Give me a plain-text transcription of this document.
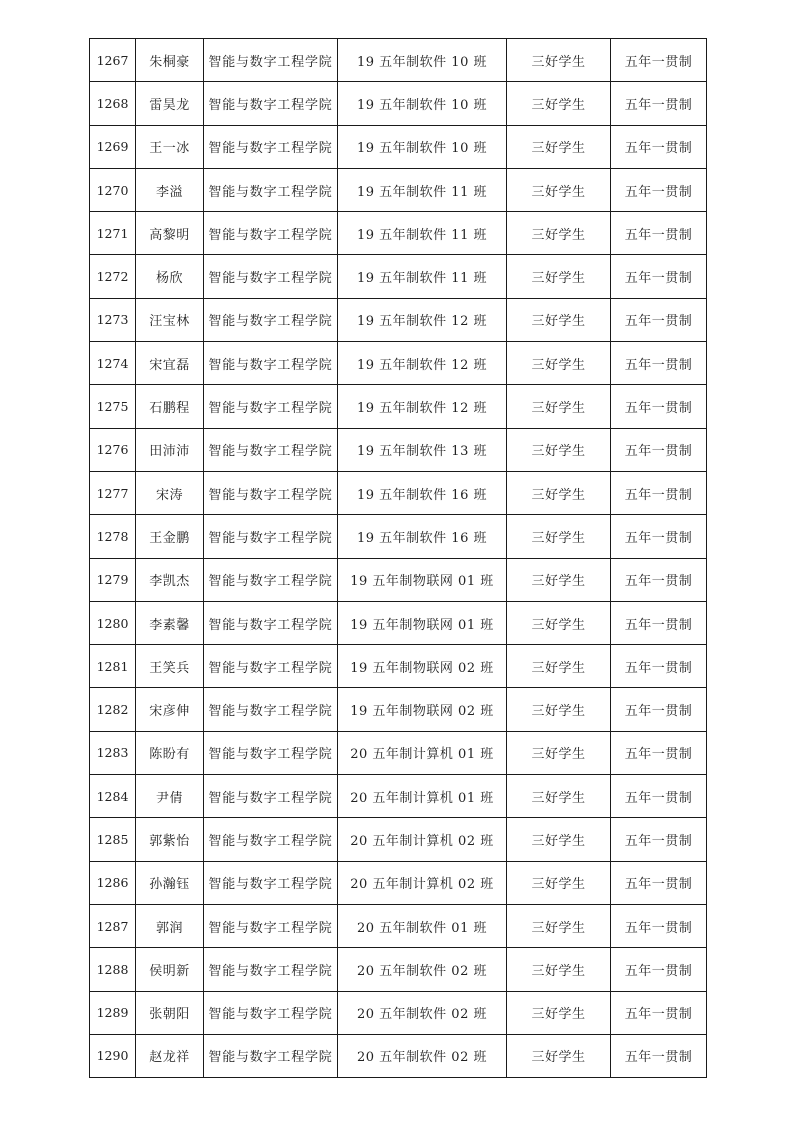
1267	朱桐豪	智能与数字工程学院	19 五年制软件 10 班	三好学生	五年一贯制
1268	雷昊龙	智能与数字工程学院	19 五年制软件 10 班	三好学生	五年一贯制
1269	王一冰	智能与数字工程学院	19 五年制软件 10 班	三好学生	五年一贯制
1270	李溢	智能与数字工程学院	19 五年制软件 11 班	三好学生	五年一贯制
1271	高黎明	智能与数字工程学院	19 五年制软件 11 班	三好学生	五年一贯制
1272	杨欣	智能与数字工程学院	19 五年制软件 11 班	三好学生	五年一贯制
1273	汪宝林	智能与数字工程学院	19 五年制软件 12 班	三好学生	五年一贯制
1274	宋宜磊	智能与数字工程学院	19 五年制软件 12 班	三好学生	五年一贯制
1275	石鹏程	智能与数字工程学院	19 五年制软件 12 班	三好学生	五年一贯制
1276	田沛沛	智能与数字工程学院	19 五年制软件 13 班	三好学生	五年一贯制
1277	宋涛	智能与数字工程学院	19 五年制软件 16 班	三好学生	五年一贯制
1278	王金鹏	智能与数字工程学院	19 五年制软件 16 班	三好学生	五年一贯制
1279	李凯杰	智能与数字工程学院	19 五年制物联网 01 班	三好学生	五年一贯制
1280	李素馨	智能与数字工程学院	19 五年制物联网 01 班	三好学生	五年一贯制
1281	王笑兵	智能与数字工程学院	19 五年制物联网 02 班	三好学生	五年一贯制
1282	宋彦伸	智能与数字工程学院	19 五年制物联网 02 班	三好学生	五年一贯制
1283	陈盼有	智能与数字工程学院	20 五年制计算机 01 班	三好学生	五年一贯制
1284	尹倩	智能与数字工程学院	20 五年制计算机 01 班	三好学生	五年一贯制
1285	郭紫怡	智能与数字工程学院	20 五年制计算机 02 班	三好学生	五年一贯制
1286	孙瀚钰	智能与数字工程学院	20 五年制计算机 02 班	三好学生	五年一贯制
1287	郭润	智能与数字工程学院	20 五年制软件 01 班	三好学生	五年一贯制
1288	侯明新	智能与数字工程学院	20 五年制软件 02 班	三好学生	五年一贯制
1289	张朝阳	智能与数字工程学院	20 五年制软件 02 班	三好学生	五年一贯制
1290	赵龙祥	智能与数字工程学院	20 五年制软件 02 班	三好学生	五年一贯制
